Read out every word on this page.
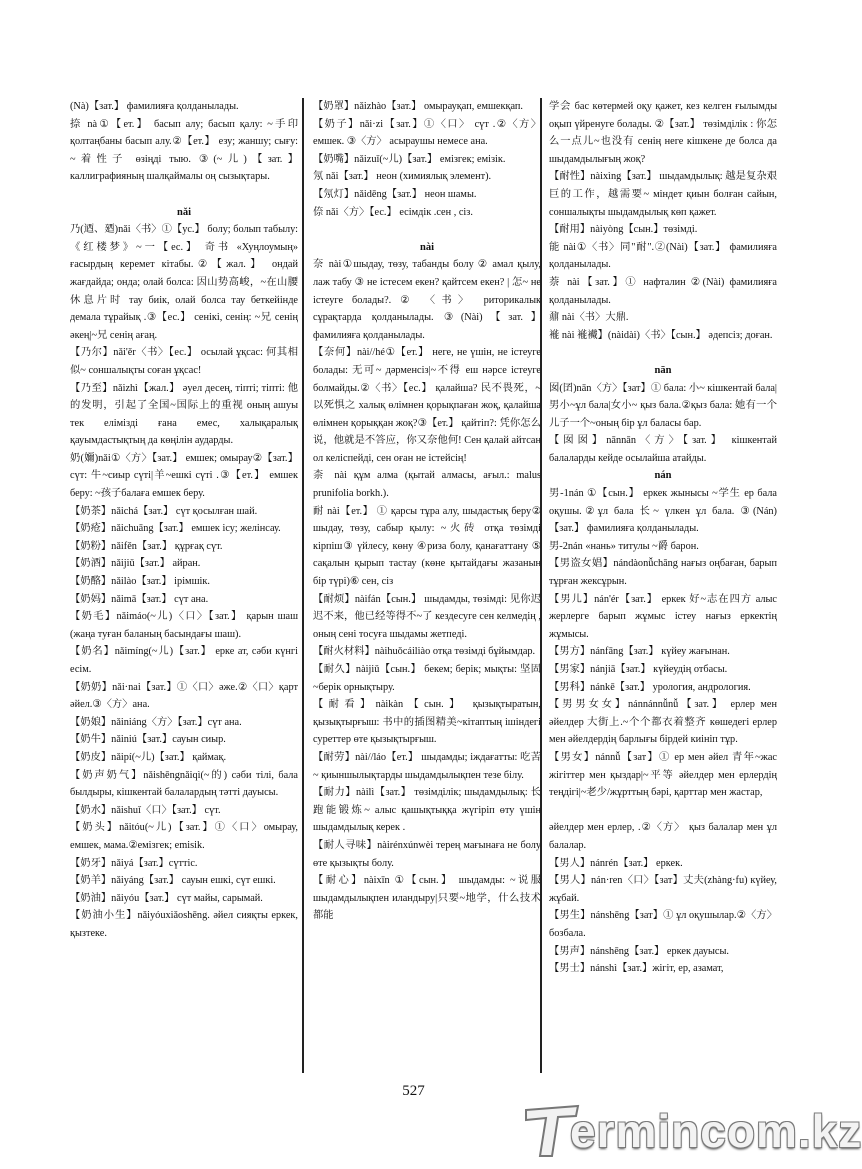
(Nà)【зат.】 фамилияға қолданылады.

捺 nà①【ет.】 басып алу; басып қалу: ~手印 қолтаңбаны басып алу.②【ет.】 езу; жаншу; сығу: ~着性子 өзіңді тыю. ③(~儿)【зат.】 каллиграфияның шалқаймалы оң сызықтары.

nǎi

乃(迺、廼)nǎi〈书〉①【ус.】 болу; болып табылу:《红楼梦》~一【ес.】 奇书 «Хуңлоумың» ғасырдың керемет кітабы.②【жал.】 ондай жағдайда; онда; олай болса: 因山势高峻，~在山腰休息片时 тау биік, олай болса тау беткейінде демала тұрайық .③【ес.】 сенікі, сенің: ~兄 сенің әкең|~兄 сенің ағаң.

【乃尔】nǎi'ěr〈书〉【ес.】 осылай ұқсас: 何其相似~ соншалықты соған ұқсас!

【乃至】nǎizhì【жал.】 әуел десең, тіпті; тіпті: 他的发明，引起了全国~国际上的重视 оның ашуы тек елімізді ғана емес, халықаралық қауымдастықтың да көңілін аударды.

奶(嬭)nǎi①〈方〉【зат.】 емшек; омырау②【зат.】 сүт: 牛~сиыр сүті|羊~ешкі сүті .③【ет.】 емшек беру: ~孩子балаға емшек беру.

【奶茶】nǎichá【зат.】 сүт қосылған шай.

【奶疮】nǎichuāng【зат.】 емшек ісу; желінсау.

【奶粉】nǎifěn【зат.】 құрғақ сүт.

【奶酒】nǎijiǔ【зат.】 айран.

【奶酪】nǎilào【зат.】 ірімшік.

【奶妈】nǎimā【зат.】 сүт ана.

【奶毛】nǎimáo(~儿)〈口〉【зат.】 қарын шаш (жаңа туған баланың басындағы шаш).

【奶名】nǎimíng(~儿)【зат.】 ерке ат, сәби күнгі есім.

【奶奶】nǎi·nai【зат.】①〈口〉әже.②〈口〉қарт әйел.③〈方〉ана.

【奶娘】nǎiniáng〈方〉【зат.】сүт ана.

【奶牛】nǎiniú【зат.】сауын сиыр.

【奶皮】nǎipí(~儿)【зат.】 қаймақ.

【奶声奶气】nǎishēngnǎiqì(~的) сәби тілі, бала былдыры, кішкентай балалардың тәтті дауысы.

【奶水】nǎishuǐ〈口〉【зат.】 сүт.

【奶头】nǎitóu(~儿)【зат.】①〈口〉омырау, емшек, мама.②емізгек; emisik.

【奶牙】nǎiyá【зат.】сүттіс.

【奶羊】nǎiyáng【зат.】 сауын ешкі, сүт ешкі.

【奶油】nǎiyóu【зат.】 сүт майы, сарымай.

【奶油小生】nǎiyóuxiǎoshēng. әйел сияқты еркек, қызтеке.

【奶罩】nǎizhào【зат.】 омырауқап, емшекқап.

【奶子】nǎi·zi【зат.】①〈口〉 сүт .②〈方〉 емшек. ③〈方〉 асыраушы немесе ана.

【奶嘴】nǎizuǐ(~儿)【зат.】 емізгек; емізік.

氖 nǎi【зат.】 неон (химиялық элемент).

【氖灯】nǎidēng【зат.】 неон шамы.

倷 nǎi〈方〉【ес.】 есімдік .сен , сіз.

nài

奈 nài①шыдау, төзу, табанды болу ② амал қылу, лаж табу ③ не істесем екен? қайтсем екен? | 怎~ не істеуге болады?. ② 〈书〉 риторикалық сұрақтарда қолданылады. ③(Nài)【зат.】 фамилияға қолданылады.

【奈何】nài//hé①【ет.】 неге, не үшін, не істеуге болады: 无可~ дәрменсіз|~不得 еш нәрсе істеуге болмайды.②〈书〉【ес.】 қалайша? 民不畏死，~以死惧之 халық өлімнен қорықпаған жоқ, қалайша өлімнен қорыққан жоқ?③【ет.】 қайтіп?: 凭你怎么说，他就是不答应，你又奈他何! Сен қалай айтсаң ол келіспейді, сен оған не істейсің!

柰 nài құм алма (қытай алмасы, ағыл.: malus prunifolia borkh.).

耐 nài【ет.】 ① қарсы тұра алу, шыдастық беру② шыдау, төзу, сабыр қылу: ~火砖 отқа төзімді кірпіш③ үйлесу, көну ④риза болу, қанағаттану ⑤ сақалын қырып тастау (көне қытайдағы жазаның бір түрі)⑥ сен, сіз

【耐烦】nàifán【сын.】 шыдамды, төзімді: 见你迟迟不来，他已经等得不~了 кездесуге сен келмедің , оның сені тосуға шыдамы жетпеді.

【耐火材料】nàihuǒcáiliào отқа төзімді бұйымдар.

【耐久】nàijiǔ【сын.】 бекем; берік; мықты: 坚固~берік орнықтыру.

【耐看】nàikàn【сын.】 қызықтыратын, қызықтырғыш: 书中的插图精美~кітаптың ішіндегі суреттер өте қызықтырғыш.

【耐劳】nài//láo【ет.】 шыдамды; іждағатты: 吃苦~ қиыншылықтарды шыдамдылықпен тезе білу.

【耐力】nàilì【зат.】 төзімділік; шыдамдылық: 长跑能锻炼~ алыс қашықтыққа жүгіріп өту үшін шыдамдылық керек .

【耐人寻味】nàirénxúnwèi терең мағынаға не болу өте қызықты болу.

【耐心】nàixīn ①【сын.】 шыдамды: ~说服 шыдамдылықпен иландыру|只要~地学，什么技术都能

学会 бас көтермей оқу қажет, кез келген ғылымды оқып үйренуге болады. ②【зат.】 төзімділік : 你怎么一点儿~也没有 сенің неге кішкене де болса да шыдамдылығың жоқ?

【耐性】nàixìng【зат.】 шыдамдылық: 越是复杂艰巨的工作，越需要~ міндет қиын болған сайын, соншалықты шыдамдылық көп қажет.

【耐用】nàiyòng【сын.】төзімді.

能 nài①〈书〉同"耐".②(Nài)【зат.】 фамилияға қолданылады.

萘 nài【зат.】① нафталин ②(Nài) фамилияға қолданылады.

鼐 nài〈书〉大鼎.

褦 nài 褦襶】(nàidài)〈书〉【сын.】 әдепсіз; доған.

nān

囡(囝)nān〈方〉【зат】① бала: 小~ кішкентай бала|男小~ұл бала|女小~ қыз бала.②қыз бала: 她有一个儿子一个~оның бір ұл баласы бар.

【囡囡】nānnān〈方〉【зат.】 кішкентай балаларды кейде осылайша атайды.

nán

男-1nán ①【сын.】 еркек жынысы ~学生 ер бала оқушы.②ұл бала 长~ үлкен ұл бала. ③(Nán)【зат.】 фамилияға қолданылады.

男-2nán «нань» титулы ~爵 барон.

【男盗女娼】nándàonǚchāng нағыз оңбаған, барып тұрған жексұрын.

【男儿】nán'ér【зат.】 еркек 好~志在四方 алыс жерлерге барып жұмыс істеу нағыз еркектің жұмысы.

【男方】nánfāng【зат.】 күйеу жағынан.

【男家】nánjiā【зат.】 күйеудің отбасы.

【男科】nánkē【зат.】 урология, андрология.

【男男女女】nánnánnǚnǚ【зат.】 ерлер мен әйелдер 大街上.~个个都衣着整齐 көшедегі ерлер мен әйелдердің барлығы бірдей киініп тұр.

【男女】nánnǚ【зат】① ер мен әйел 青年~жас жігіттер мен қыздар|~平等 әйелдер мен ерлердің теңдігі|~老少/жұрттың бәрі, қарттар мен жастар,

әйелдер мен ерлер, .②〈方〉 қыз балалар мен ұл балалар.

【男人】nánrén【зат.】 еркек.

【男人】nán·ren〈口〉【зат】丈夫(zhàng·fu) күйеу, жұбай.

【男生】nánshēng【зат】① ұл оқушылар.②〈方〉бозбала.

【男声】nánshēng【зат.】 еркек дауысы.

【男士】nánshì【зат.】жігіт, ер, азамат,

527
ermincom.kz
